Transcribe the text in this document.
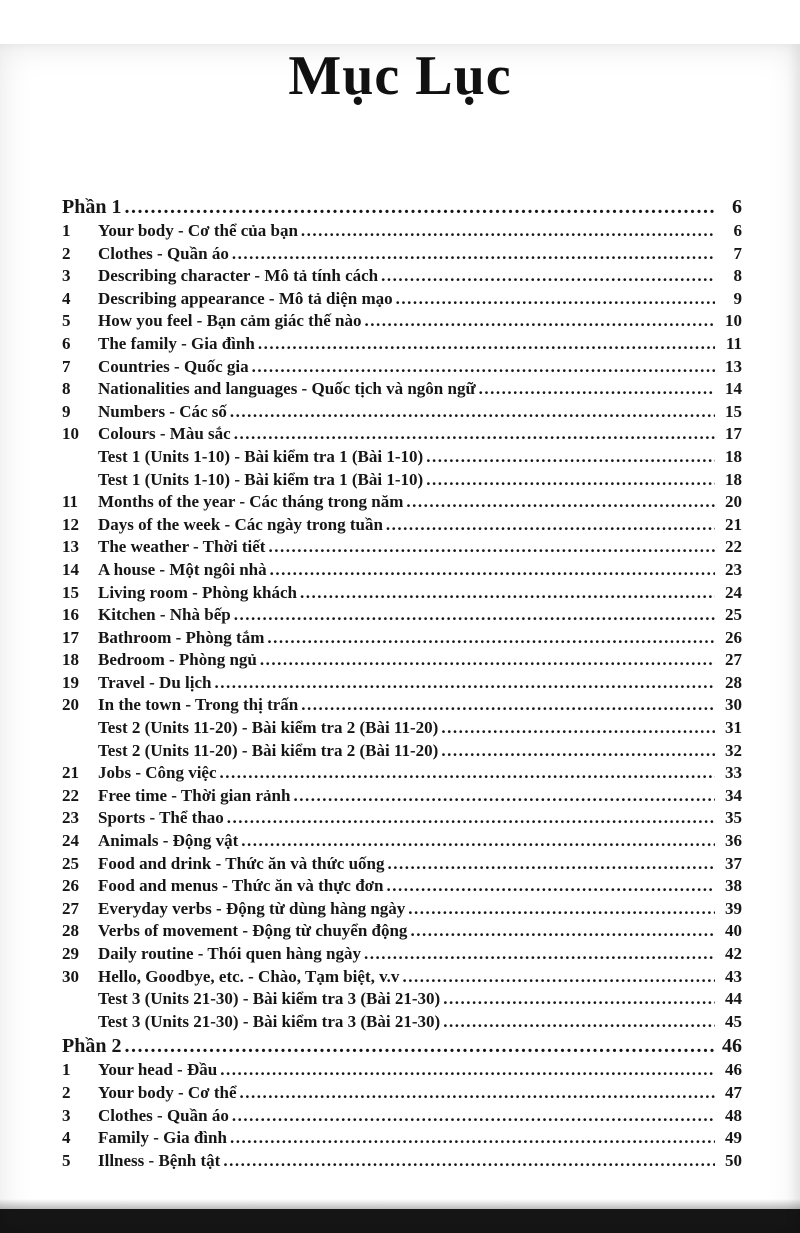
Mục Lục
Phần 1 .....	6
1	Your body - Cơ thể của bạn .....	6
2	Clothes - Quần áo .....	7
3	Describing character - Mô tả tính cách .....	8
4	Describing appearance - Mô tả diện mạo .....	9
5	How you feel - Bạn cảm giác thế nào .....	10
6	The family - Gia đình .....	11
7	Countries - Quốc gia .....	13
8	Nationalities and languages - Quốc tịch và ngôn ngữ .....	14
9	Numbers - Các số .....	15
10	Colours - Màu sắc .....	17
Test 1 (Units 1-10) - Bài kiểm tra 1 (Bài 1-10) .....	18
Test 1 (Units 1-10) - Bài kiểm tra 1 (Bài 1-10) .....	18
11	Months of the year - Các tháng trong năm .....	20
12	Days of the week - Các ngày trong tuần .....	21
13	The weather - Thời tiết .....	22
14	A house - Một ngôi nhà .....	23
15	Living room - Phòng khách .....	24
16	Kitchen - Nhà bếp .....	25
17	Bathroom - Phòng tắm .....	26
18	Bedroom - Phòng ngủ .....	27
19	Travel - Du lịch .....	28
20	In the town - Trong thị trấn .....	30
Test 2 (Units 11-20) - Bài kiểm tra 2 (Bài 11-20) .....	31
Test 2 (Units 11-20) - Bài kiểm tra 2 (Bài 11-20) .....	32
21	Jobs - Công việc .....	33
22	Free time - Thời gian rảnh .....	34
23	Sports - Thể thao .....	35
24	Animals - Động vật .....	36
25	Food and drink - Thức ăn và thức uống .....	37
26	Food and menus - Thức ăn và thực đơn .....	38
27	Everyday verbs - Động từ dùng hàng ngày .....	39
28	Verbs of movement - Động từ chuyển động .....	40
29	Daily routine - Thói quen hàng ngày .....	42
30	Hello, Goodbye, etc. - Chào, Tạm biệt, v.v .....	43
Test 3 (Units 21-30) - Bài kiểm tra 3 (Bài 21-30) .....	44
Test 3 (Units 21-30) - Bài kiểm tra 3 (Bài 21-30) .....	45
Phần 2 .....	46
1	Your head - Đầu .....	46
2	Your body - Cơ thể .....	47
3	Clothes - Quần áo .....	48
4	Family - Gia đình .....	49
5	Illness - Bệnh tật .....	50
